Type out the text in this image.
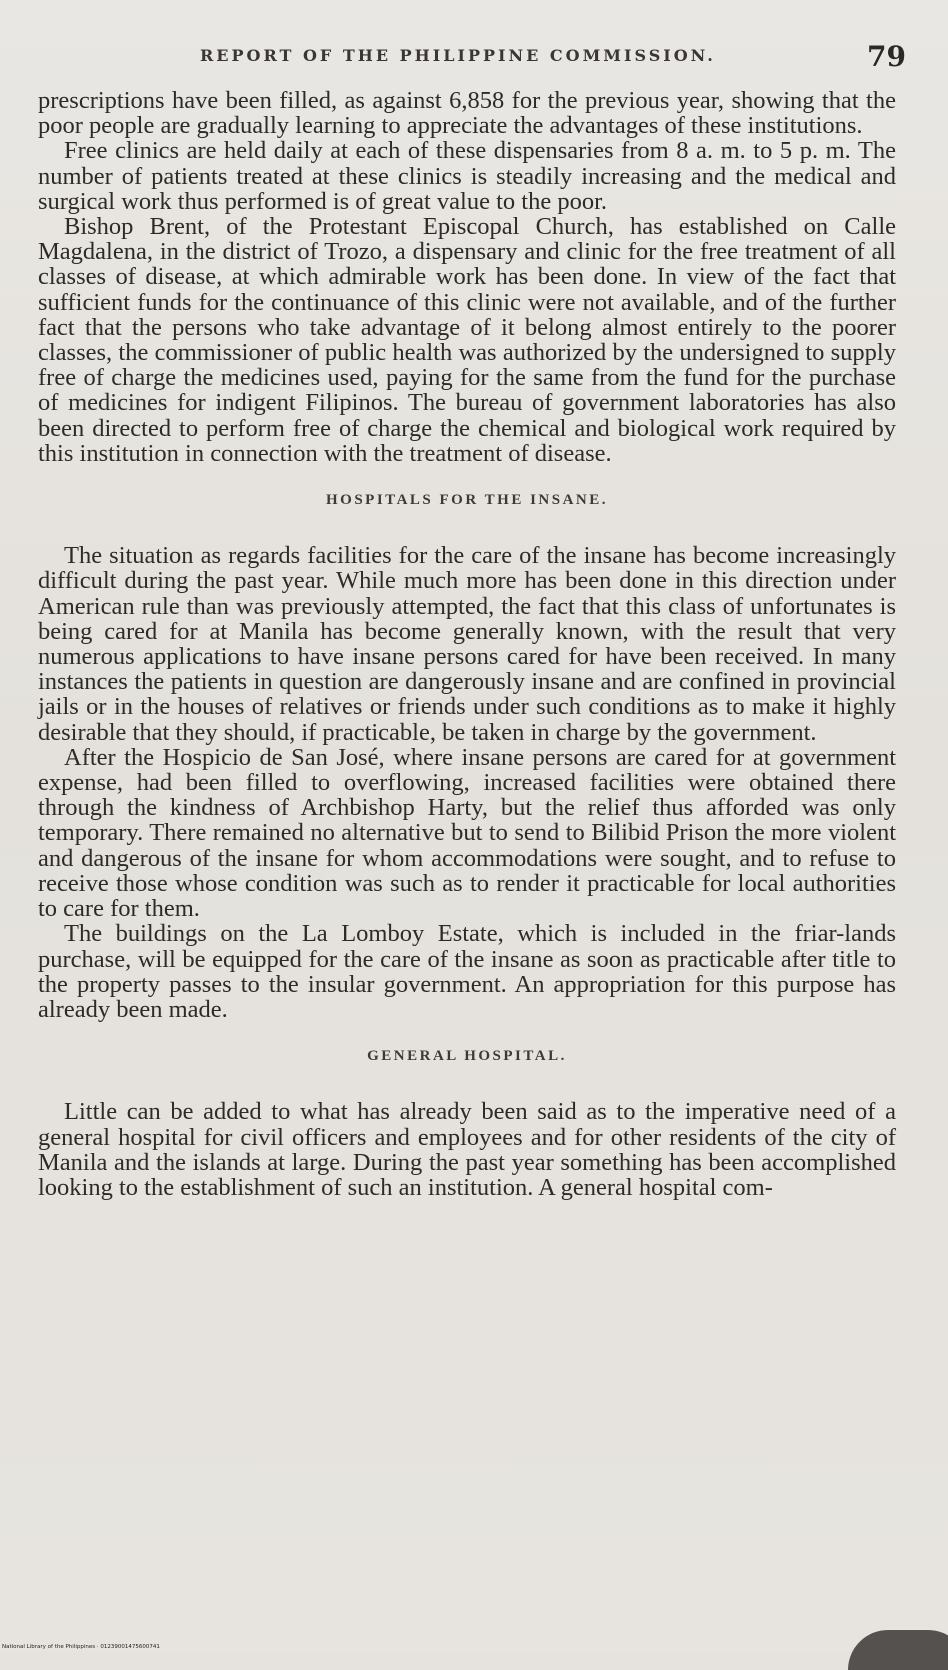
REPORT OF THE PHILIPPINE COMMISSION.	79

prescriptions have been filled, as against 6,858 for the previous year, showing that the poor people are gradually learning to appreciate the advantages of these institutions.

Free clinics are held daily at each of these dispensaries from 8 a. m. to 5 p. m. The number of patients treated at these clinics is steadily increasing and the medical and surgical work thus performed is of great value to the poor.

Bishop Brent, of the Protestant Episcopal Church, has established on Calle Magdalena, in the district of Trozo, a dispensary and clinic for the free treatment of all classes of disease, at which admirable work has been done. In view of the fact that sufficient funds for the continuance of this clinic were not available, and of the further fact that the persons who take advantage of it belong almost entirely to the poorer classes, the commissioner of public health was authorized by the undersigned to supply free of charge the medicines used, paying for the same from the fund for the purchase of medicines for indigent Filipinos. The bureau of government laboratories has also been directed to perform free of charge the chemical and biological work required by this institution in connection with the treatment of disease.

HOSPITALS FOR THE INSANE.

The situation as regards facilities for the care of the insane has become increasingly difficult during the past year. While much more has been done in this direction under American rule than was previously attempted, the fact that this class of unfortunates is being cared for at Manila has become generally known, with the result that very numerous applications to have insane persons cared for have been received. In many instances the patients in question are dangerously insane and are confined in provincial jails or in the houses of relatives or friends under such conditions as to make it highly desirable that they should, if practicable, be taken in charge by the government.

After the Hospicio de San José, where insane persons are cared for at government expense, had been filled to overflowing, increased facilities were obtained there through the kindness of Archbishop Harty, but the relief thus afforded was only temporary. There remained no alternative but to send to Bilibid Prison the more violent and dangerous of the insane for whom accommodations were sought, and to refuse to receive those whose condition was such as to render it practicable for local authorities to care for them.

The buildings on the La Lomboy Estate, which is included in the friar-lands purchase, will be equipped for the care of the insane as soon as practicable after title to the property passes to the insular government. An appropriation for this purpose has already been made.

GENERAL HOSPITAL.

Little can be added to what has already been said as to the imperative need of a general hospital for civil officers and employees and for other residents of the city of Manila and the islands at large. During the past year something has been accomplished looking to the establishment of such an institution. A general hospital com-

National Library of the Philippines · 01239001475600741
